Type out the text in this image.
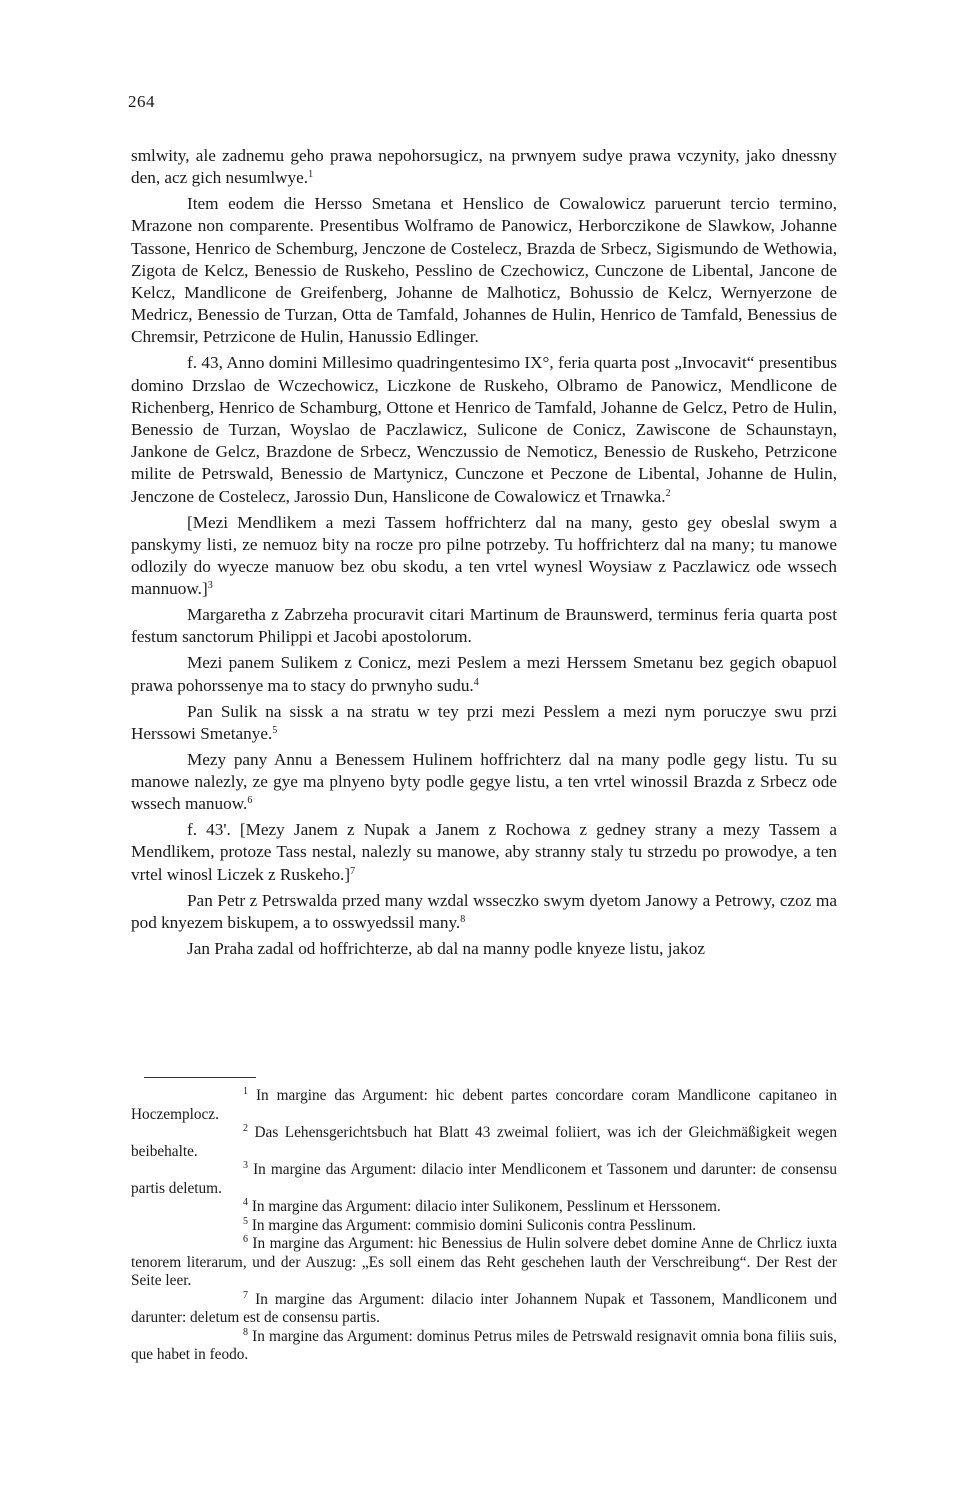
264

smlwity, ale zadnemu geho prawa nepohorsugicz, na prwnyem sudye prawa vczynity, jako dnessny den, acz gich nesumlwye.$^1$

Item eodem die Hersso Smetana et Henslico de Cowalowicz paruerunt tercio termino, Mrazone non comparente. Presentibus Wolframo de Panowicz, Herborczikone de Slawkow, Johanne Tassone, Henrico de Schemburg, Jenczone de Costelecz, Brazda de Srbecz, Sigismundo de Wethowia, Zigota de Kelcz, Benessio de Ruskeho, Pesslino de Czechowicz, Cunczone de Libental, Jancone de Kelcz, Mandlicone de Greifenberg, Johanne de Malhoticz, Bohussio de Kelcz, Wernyerzone de Medricz, Benessio de Turzan, Otta de Tamfald, Johannes de Hulin, Henrico de Tamfald, Benessius de Chremsir, Petrzicone de Hulin, Hanussio Edlinger.

f. 43, Anno domini Millesimo quadringentesimo IX°, feria quarta post „Invocavit“ presentibus domino Drzslao de Wczechowicz, Liczkone de Ruskeho, Olbramo de Panowicz, Mendlicone de Richenberg, Henrico de Schamburg, Ottone et Henrico de Tamfald, Johanne de Gelcz, Petro de Hulin, Benessio de Turzan, Woyslao de Paczlawicz, Sulicone de Conicz, Zawiscone de Schaunstayn, Jankone de Gelcz, Brazdone de Srbecz, Wenczussio de Nemoticz, Benessio de Ruskeho, Petrzicone milite de Petrswald, Benessio de Martynicz, Cunczone et Peczone de Libental, Johanne de Hulin, Jenczone de Costelecz, Jarossio Dun, Hanslicone de Cowalowicz et Trnawka.$^2$

[Mezi Mendlikem a mezi Tassem hoffrichterz dal na many, gesto gey obeslal swym a panskymy listi, ze nemuoz bity na rocze pro pilne potrzeby. Tu hoffrichterz dal na many; tu manowe odlozily do wyecze manuow bez obu skodu, a ten vrtel wynesl Woysiaw z Paczlawicz ode wssech mannuow.]$^3$

Margaretha z Zabrzeha procuravit citari Martinum de Braunswerd, terminus feria quarta post festum sanctorum Philippi et Jacobi apostolorum.

Mezi panem Sulikem z Conicz, mezi Peslem a mezi Herssem Smetanu bez gegich obapuol prawa pohorssenye ma to stacy do prwnyho sudu.$^4$

Pan Sulik na sissk a na stratu w tey przi mezi Pesslem a mezi nym poruczye swu przi Herssowi Smetanye.$^5$

Mezy pany Annu a Benessem Hulinem hoffrichterz dal na many podle gegy listu. Tu su manowe nalezly, ze gye ma plnyeno byty podle gegye listu, a ten vrtel winossil Brazda z Srbecz ode wssech manuow.$^6$

f. 43'. [Mezy Janem z Nupak a Janem z Rochowa z gedney strany a mezy Tassem a Mendlikem, protoze Tass nestal, nalezly su manowe, aby stranny staly tu strzedu po prowodye, a ten vrtel winosl Liczek z Ruskeho.]$^7$

Pan Petr z Petrswalda przed many wzdal wsseczko swym dyetom Janowy a Petrowy, czoz ma pod knyezem biskupem, a to osswyedssil many.$^8$

Jan Praha zadal od hoffrichterze, ab dal na manny podle knyeze listu, jakoz

$^1$ In margine das Argument: hic debent partes concordare coram Mandlicone capitaneo in Hoczemplocz.

$^2$ Das Lehensgerichtsbuch hat Blatt 43 zweimal foliiert, was ich der Gleichmäßigkeit wegen beibehalte.

$^3$ In margine das Argument: dilacio inter Mendliconem et Tassonem und darunter: de consensu partis deletum.

$^4$ In margine das Argument: dilacio inter Sulikonem, Pesslinum et Herssonem.

$^5$ In margine das Argument: commisio domini Suliconis contra Pesslinum.

$^6$ In margine das Argument: hic Benessius de Hulin solvere debet domine Anne de Chrlicz iuxta tenorem literarum, und der Auszug: „Es soll einem das Reht geschehen lauth der Verschreibung“. Der Rest der Seite leer.

$^7$ In margine das Argument: dilacio inter Johannem Nupak et Tassonem, Mandliconem und darunter: deletum est de consensu partis.

$^8$ In margine das Argument: dominus Petrus miles de Petrswald resignavit omnia bona filiis suis, que habet in feodo.
